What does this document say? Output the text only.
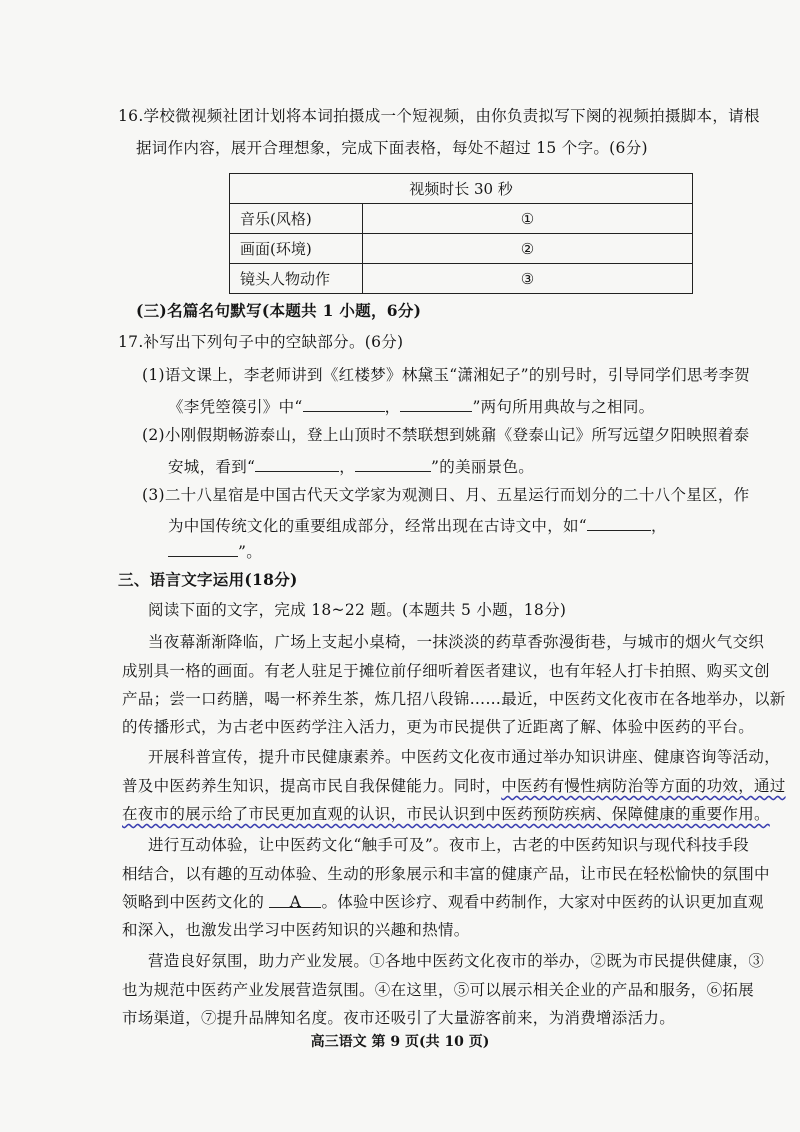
16.学校微视频社团计划将本词拍摄成一个短视频，由你负责拟写下阕的视频拍摄脚本，请根
据词作内容，展开合理想象，完成下面表格，每处不超过 15 个字。(6分)
视频时长 30 秒	
音乐(风格)	①
画面(环境)	②
镜头人物动作	③
(三)名篇名句默写(本题共 1 小题，6分)
17.补写出下列句子中的空缺部分。(6分)
(1)语文课上，李老师讲到《红楼梦》林黛玉“潇湘妃子”的别号时，引导同学们思考李贺
《李凭箜篌引》中“	，	”两句所用典故与之相同。
(2)小刚假期畅游泰山，登上山顶时不禁联想到姚鼐《登泰山记》所写远望夕阳映照着泰
安城，看到“	，	”的美丽景色。
(3)二十八星宿是中国古代天文学家为观测日、月、五星运行而划分的二十八个星区，作
为中国传统文化的重要组成部分，经常出现在古诗文中，如“	，
”。
三、语言文字运用(18分)
阅读下面的文字，完成 18~22 题。(本题共 5 小题，18分)
当夜幕渐渐降临，广场上支起小桌椅，一抹淡淡的药草香弥漫街巷，与城市的烟火气交织
成别具一格的画面。有老人驻足于摊位前仔细听着医者建议，也有年轻人打卡拍照、购买文创
产品；尝一口药膳，喝一杯养生茶，炼几招八段锦……最近，中医药文化夜市在各地举办，以新
的传播形式，为古老中医药学注入活力，更为市民提供了近距离了解、体验中医药的平台。
开展科普宣传，提升市民健康素养。中医药文化夜市通过举办知识讲座、健康咨询等活动，
普及中医药养生知识，提高市民自我保健能力。同时，中医药有慢性病防治等方面的功效，通过
在夜市的展示给了市民更加直观的认识，市民认识到中医药预防疾病、保障健康的重要作用。
进行互动体验，让中医药文化“触手可及”。夜市上，古老的中医药知识与现代科技手段
相结合，以有趣的互动体验、生动的形象展示和丰富的健康产品，让市民在轻松愉快的氛围中
领略到中医药文化的 A 。体验中医诊疗、观看中药制作，大家对中医药的认识更加直观
和深入，也激发出学习中医药知识的兴趣和热情。
营造良好氛围，助力产业发展。①各地中医药文化夜市的举办，②既为市民提供健康，③
也为规范中医药产业发展营造氛围。④在这里，⑤可以展示相关企业的产品和服务，⑥拓展
市场渠道，⑦提升品牌知名度。夜市还吸引了大量游客前来，为消费增添活力。
高三语文 第 9 页(共 10 页)
